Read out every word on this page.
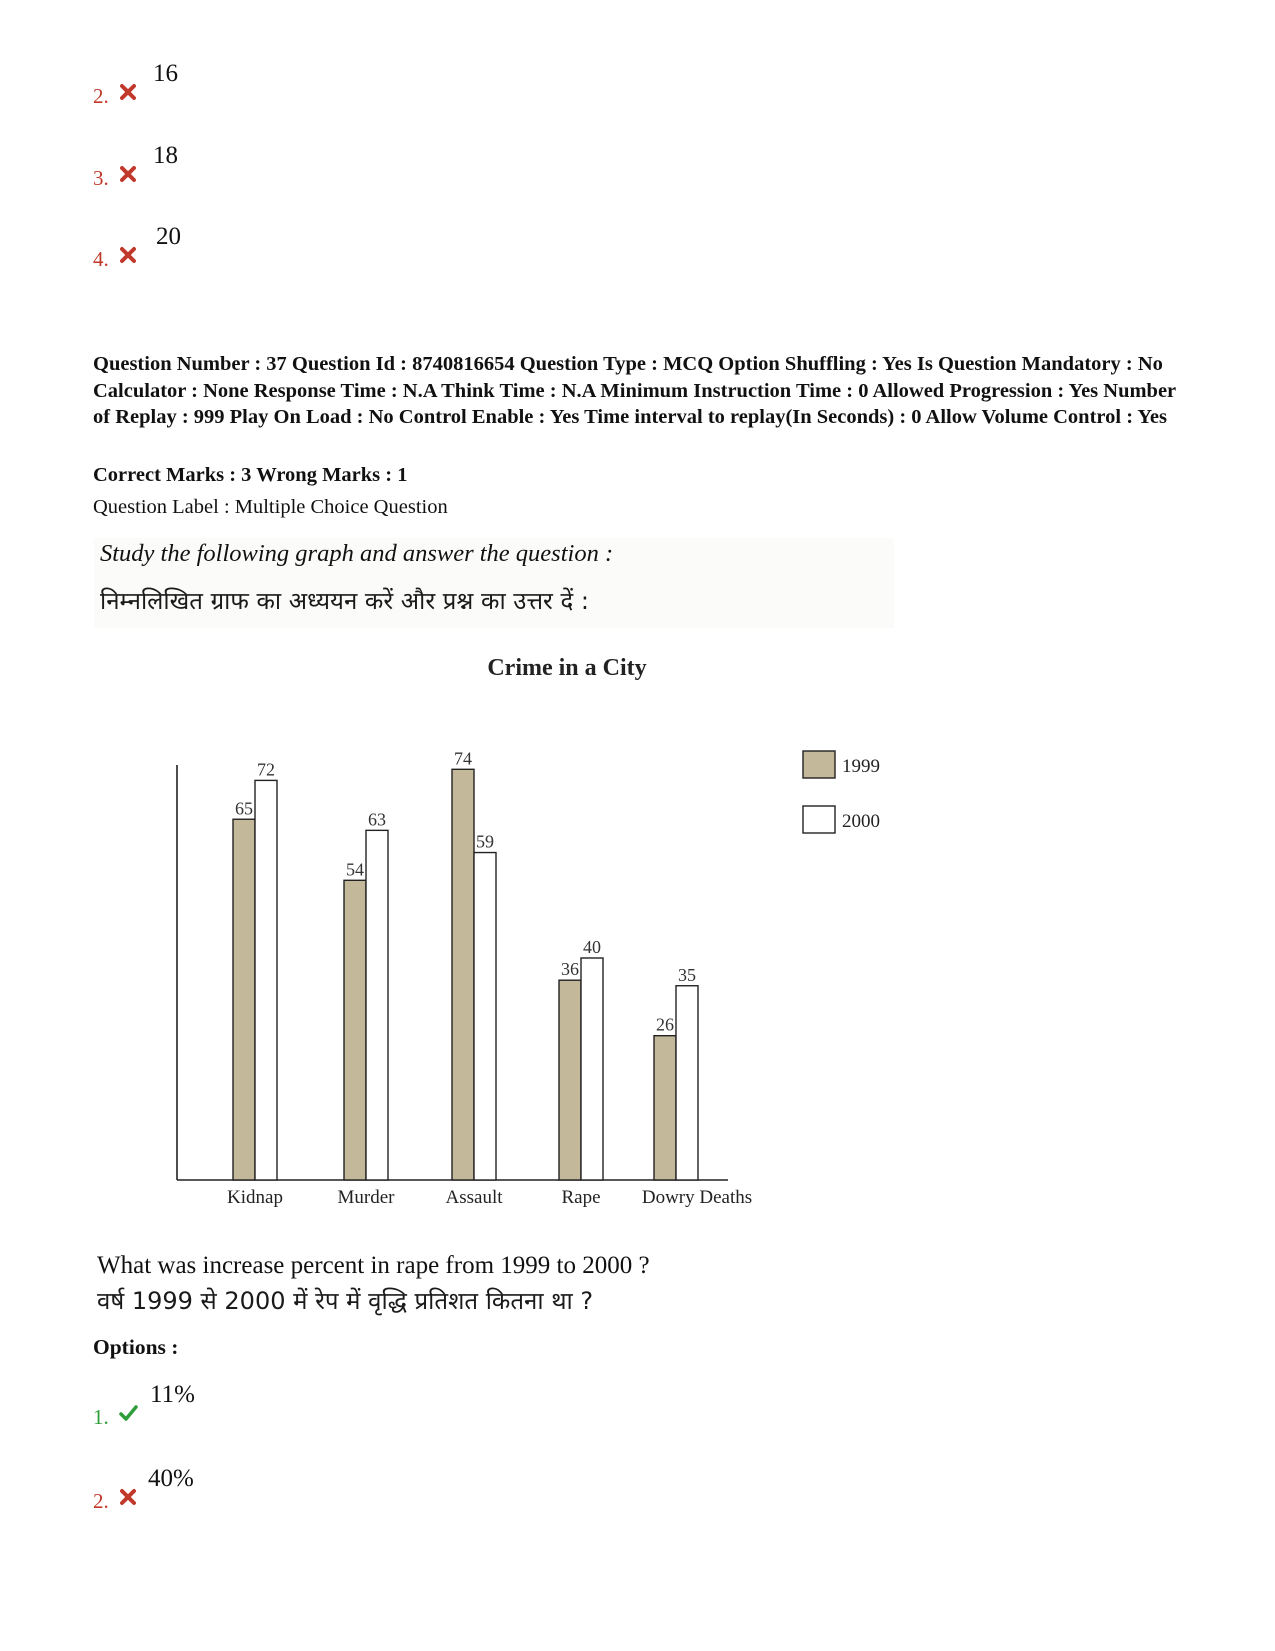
2.
16
3.
18
4.
20
Question Number : 37 Question Id : 8740816654 Question Type : MCQ Option Shuffling : Yes Is Question Mandatory : No Calculator : None Response Time : N.A Think Time : N.A Minimum Instruction Time : 0 Allowed Progression : Yes Number of Replay : 999 Play On Load : No Control Enable : Yes Time interval to replay(In Seconds) : 0 Allow Volume Control : Yes
Correct Marks : 3 Wrong Marks : 1
Question Label : Multiple Choice Question
Study the following graph and answer the question :
निम्नलिखित ग्राफ का अध्ययन करें और प्रश्न का उत्तर दें :
Crime in a City
65
54
74
36
26
72
63
59
40
35
Kidnap	Murder	Assault	Rape Dowry Deaths
1999
2000
What was increase percent in rape from 1999 to 2000 ?
वर्ष 1999 से 2000 में रेप में वृद्धि प्रतिशत कितना था ?
Options :
1.
11%
2.
40%
